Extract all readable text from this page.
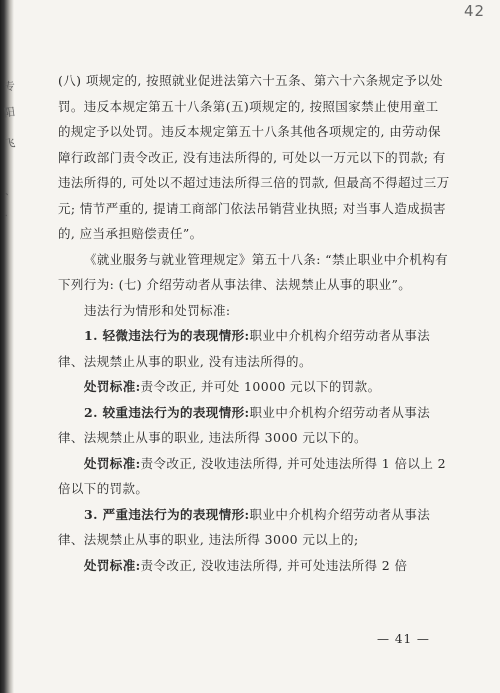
专
阳
飞
、
.
42

(八) 项规定的, 按照就业促进法第六十五条、第六十六条规定予以处罚。违反本规定第五十八条第(五)项规定的, 按照国家禁止使用童工的规定予以处罚。违反本规定第五十八条其他各项规定的, 由劳动保障行政部门责令改正, 没有违法所得的, 可处以一万元以下的罚款; 有违法所得的, 可处以不超过违法所得三倍的罚款, 但最高不得超过三万元; 情节严重的, 提请工商部门依法吊销营业执照; 对当事人造成损害的, 应当承担赔偿责任”。

《就业服务与就业管理规定》第五十八条: “禁止职业中介机构有下列行为: (七) 介绍劳动者从事法律、法规禁止从事的职业”。

违法行为情形和处罚标准:

1. 轻微违法行为的表现情形:职业中介机构介绍劳动者从事法律、法规禁止从事的职业, 没有违法所得的。

处罚标准:责令改正, 并可处 10000 元以下的罚款。

2. 较重违法行为的表现情形:职业中介机构介绍劳动者从事法律、法规禁止从事的职业, 违法所得 3000 元以下的。

处罚标准:责令改正, 没收违法所得, 并可处违法所得 1 倍以上 2 倍以下的罚款。

3. 严重违法行为的表现情形:职业中介机构介绍劳动者从事法律、法规禁止从事的职业, 违法所得 3000 元以上的;

处罚标准:责令改正, 没收违法所得, 并可处违法所得 2 倍

— 41 —
